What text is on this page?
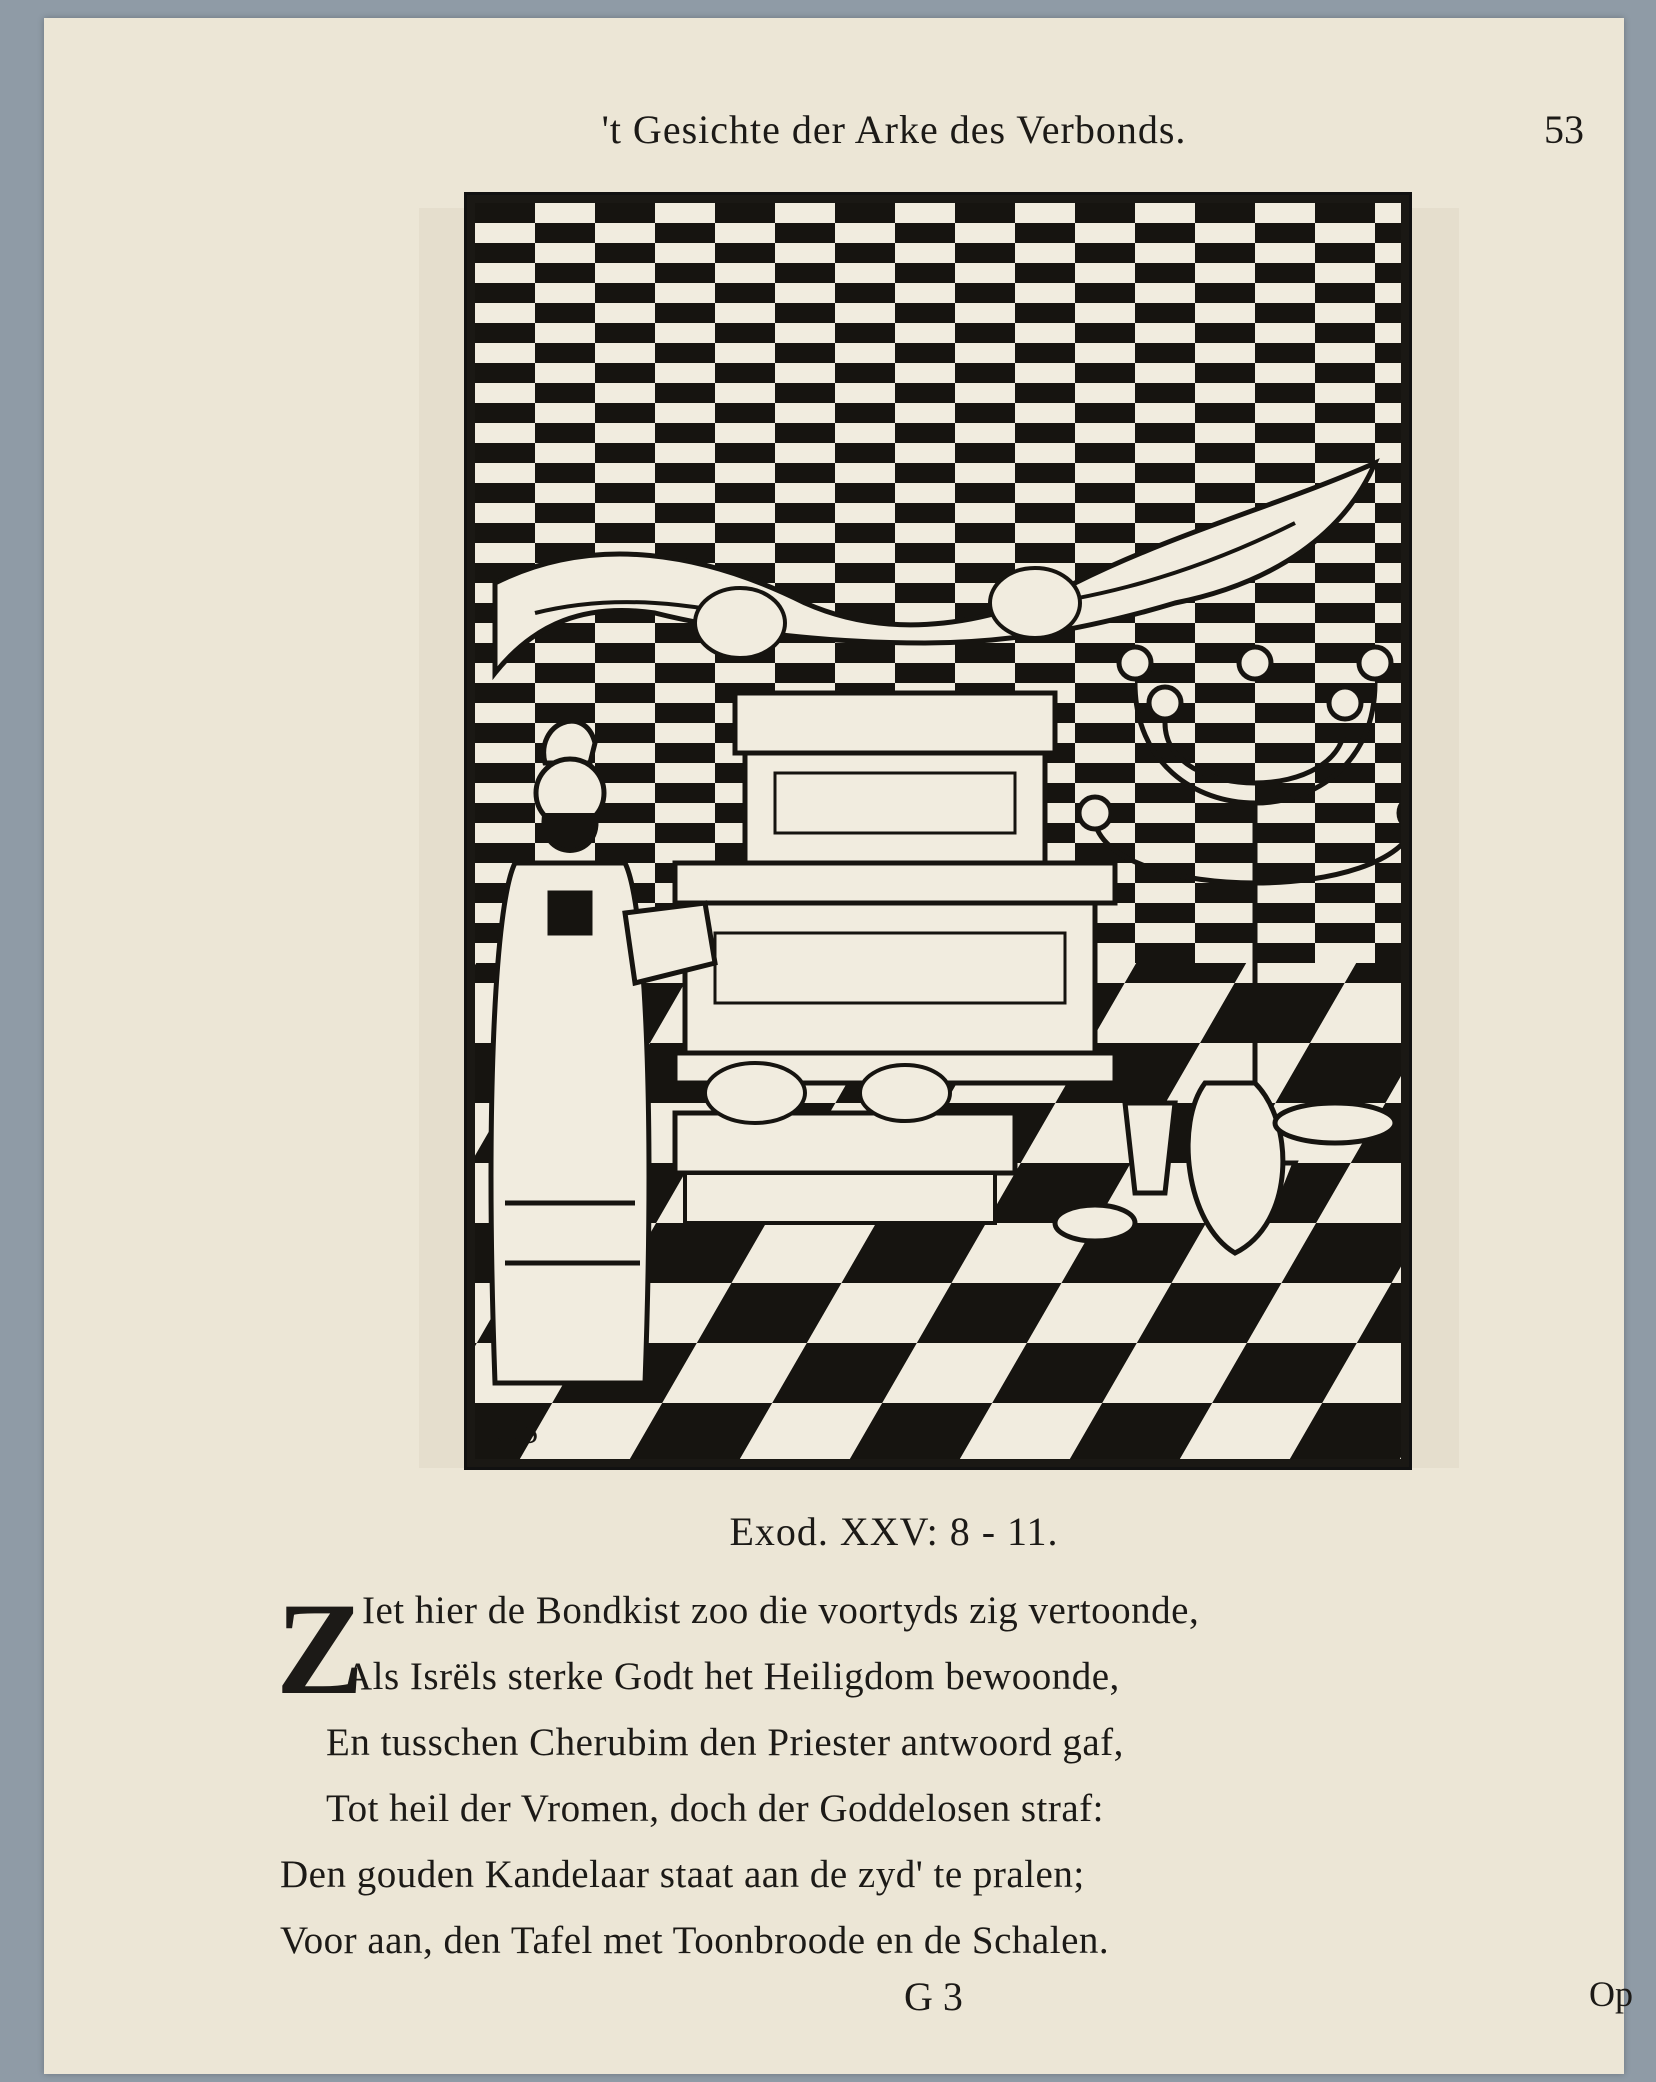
't Gesichte der Arke des Verbonds.	53
CS
Exod. XXV: 8 - 11.
Z
Iet hier de Bondkist zoo die voortyds zig vertoonde,
Als Isrëls sterke Godt het Heiligdom bewoonde,
En tusschen Cherubim den Priester antwoord gaf,
Tot heil der Vromen, doch der Goddelosen straf:
Den gouden Kandelaar staat aan de zyd' te pralen;
Voor aan, den Tafel met Toonbroode en de Schalen.
G 3	Op
